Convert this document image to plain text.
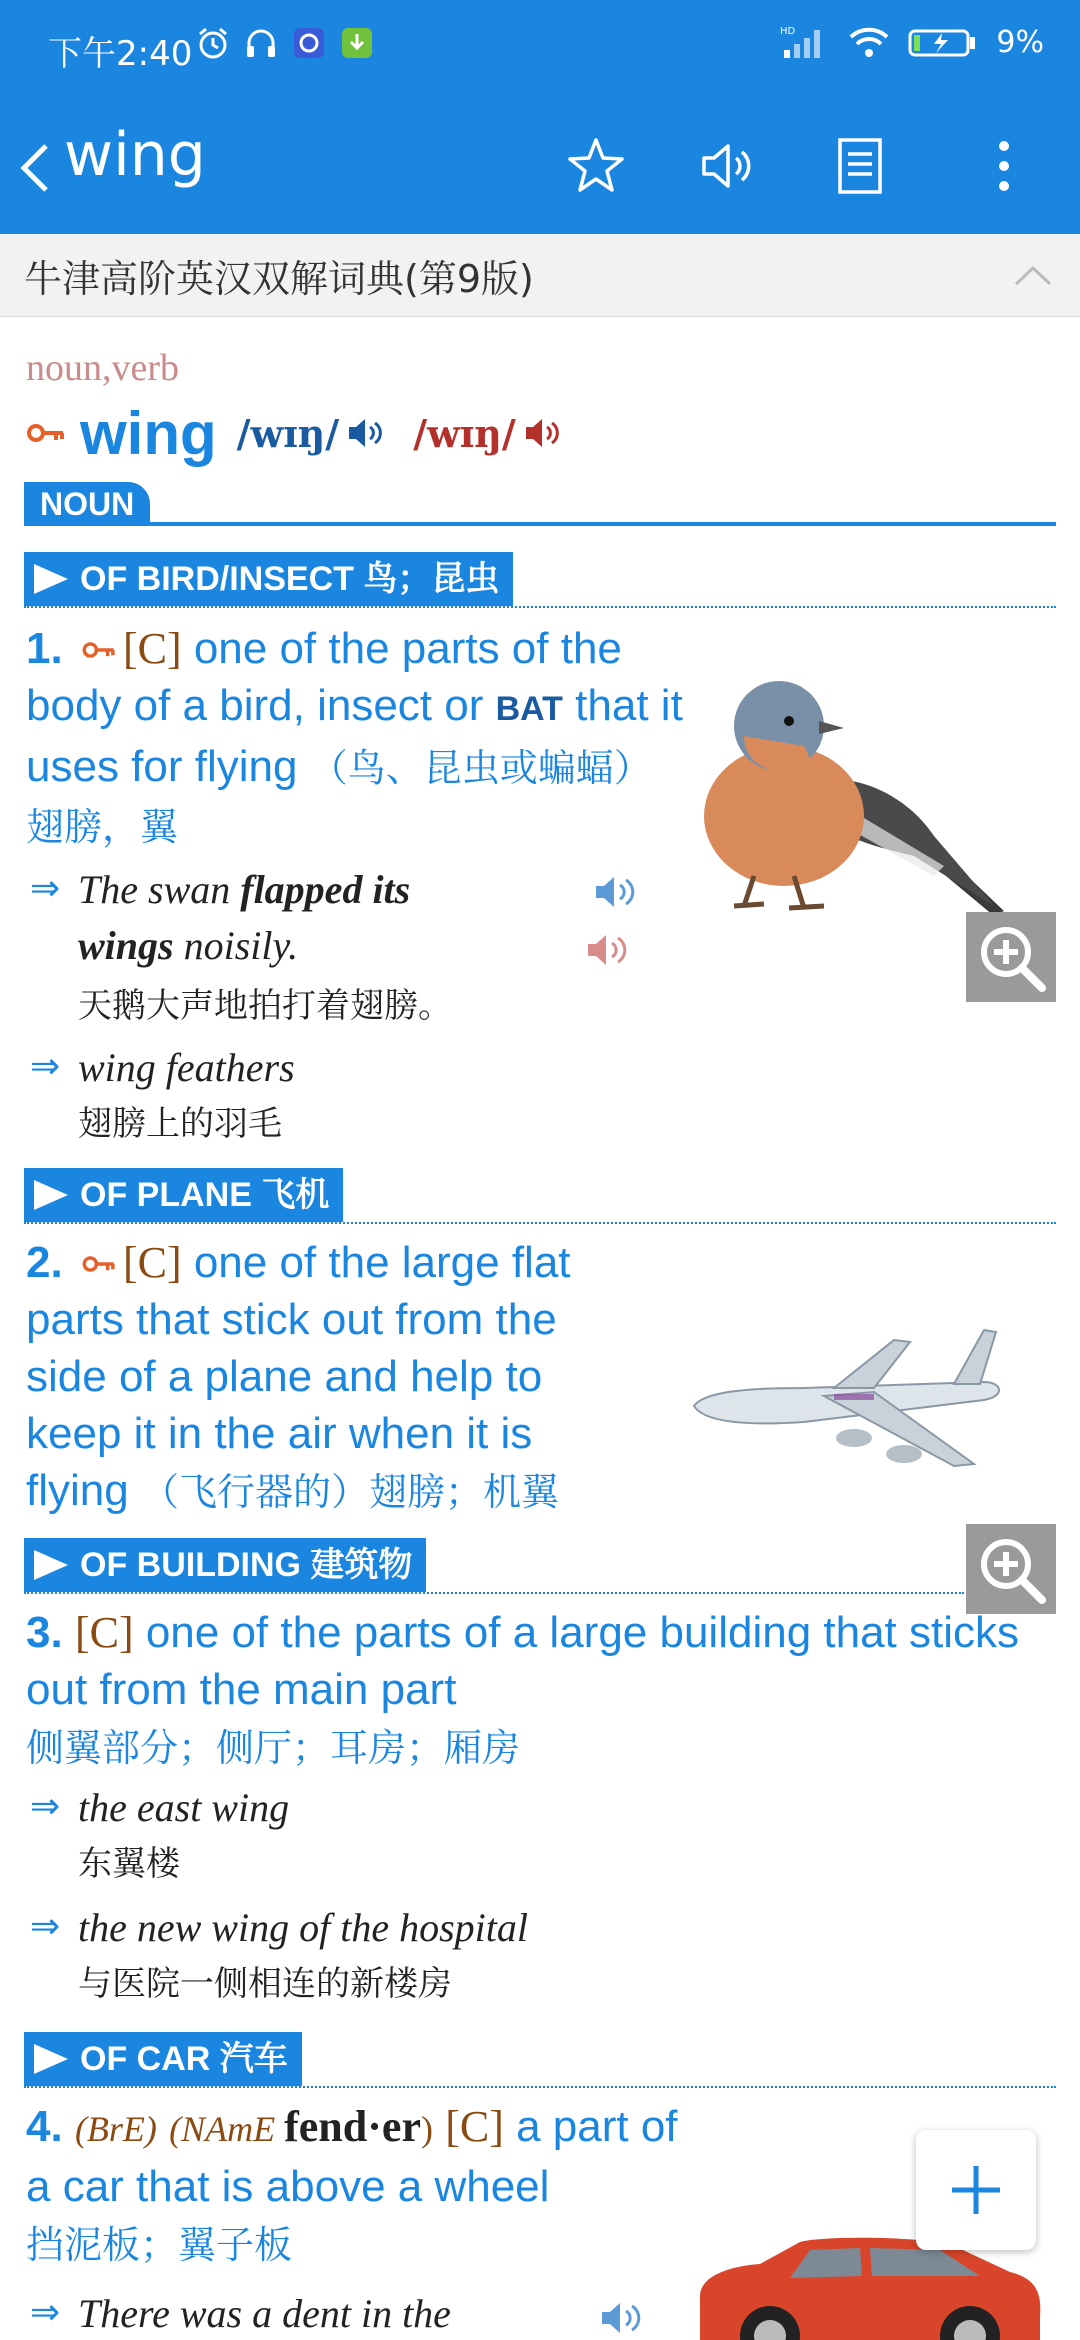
下午2:40
HD	9%
wing
牛津高阶英汉双解词典(第9版)
noun,verb
wing /wɪŋ/ /wɪŋ/
NOUN
OF BIRD/INSECT 鸟；昆虫
1. [C] one of the parts of the body of a bird, insect or BAT that it uses for flying （鸟、昆虫或蝙蝠）翅膀，翼
⇒ The swan flapped its wings noisily.
天鹅大声地拍打着翅膀。
⇒ wing feathers
翅膀上的羽毛
OF PLANE 飞机
2. [C] one of the large flat parts that stick out from the side of a plane and help to keep it in the air when it is flying （飞行器的）翅膀；机翼
OF BUILDING 建筑物
3. [C] one of the parts of a large building that sticks out from the main part
侧翼部分；侧厅；耳房；厢房
⇒ the east wing
东翼楼
⇒ the new wing of the hospital
与医院一侧相连的新楼房
OF CAR 汽车
4. (BrE) (NAmE fend·er) [C] a part of a car that is above a wheel
挡泥板；翼子板
⇒ There was a dent in the
